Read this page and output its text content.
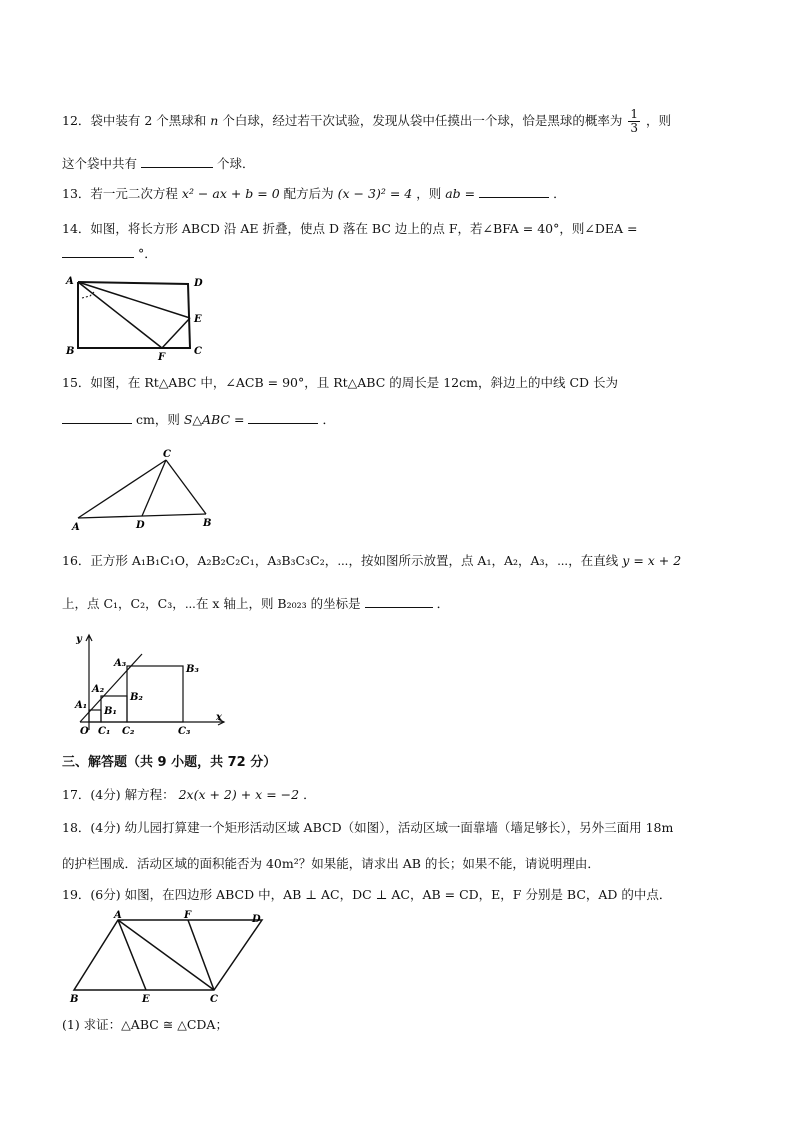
12．袋中装有 2 个黑球和 n 个白球，经过若干次试验，发现从袋中任摸出一个球，恰是黑球的概率为 $\frac{1}{3}$ ，则
这个袋中共有	个球．
13．若一元二次方程 x² − ax + b = 0 配方后为 (x − 3)² = 4 ，则 ab =	．
14．如图，将长方形 ABCD 沿 AE 折叠，使点 D 落在 BC 边上的点 F，若∠BFA = 40°，则∠DEA =
°．
A	D
E
B
F
C
15．如图，在 Rt△ABC 中，∠ACB = 90°，且 Rt△ABC 的周长是 12cm，斜边上的中线 CD 长为
cm，则 S△ABC =	．
C
A	D	B
16．正方形 A₁B₁C₁O，A₂B₂C₂C₁，A₃B₃C₃C₂，⋯，按如图所示放置，点 A₁，A₂，A₃，⋯，在直线 y = x + 2
上，点 C₁，C₂，C₃，⋯在 x 轴上，则 B₂₀₂₃ 的坐标是	．
y
x
O
A₁
B₁
C₁
A₂
B₂
C₂
A₃
B₃
C₃
三、解答题（共 9 小题，共 72 分）
17．(4分) 解方程： 2x(x + 2) + x = −2 ．
18．(4分) 幼儿园打算建一个矩形活动区域 ABCD（如图），活动区域一面靠墙（墙足够长），另外三面用 18m
的护栏围成．活动区域的面积能否为 40m²？如果能，请求出 AB 的长；如果不能，请说明理由．
19．(6分) 如图，在四边形 ABCD 中，AB ⊥ AC，DC ⊥ AC，AB = CD，E，F 分别是 BC，AD 的中点．
A	F	D
B	E	C
(1) 求证：△ABC ≅ △CDA；
